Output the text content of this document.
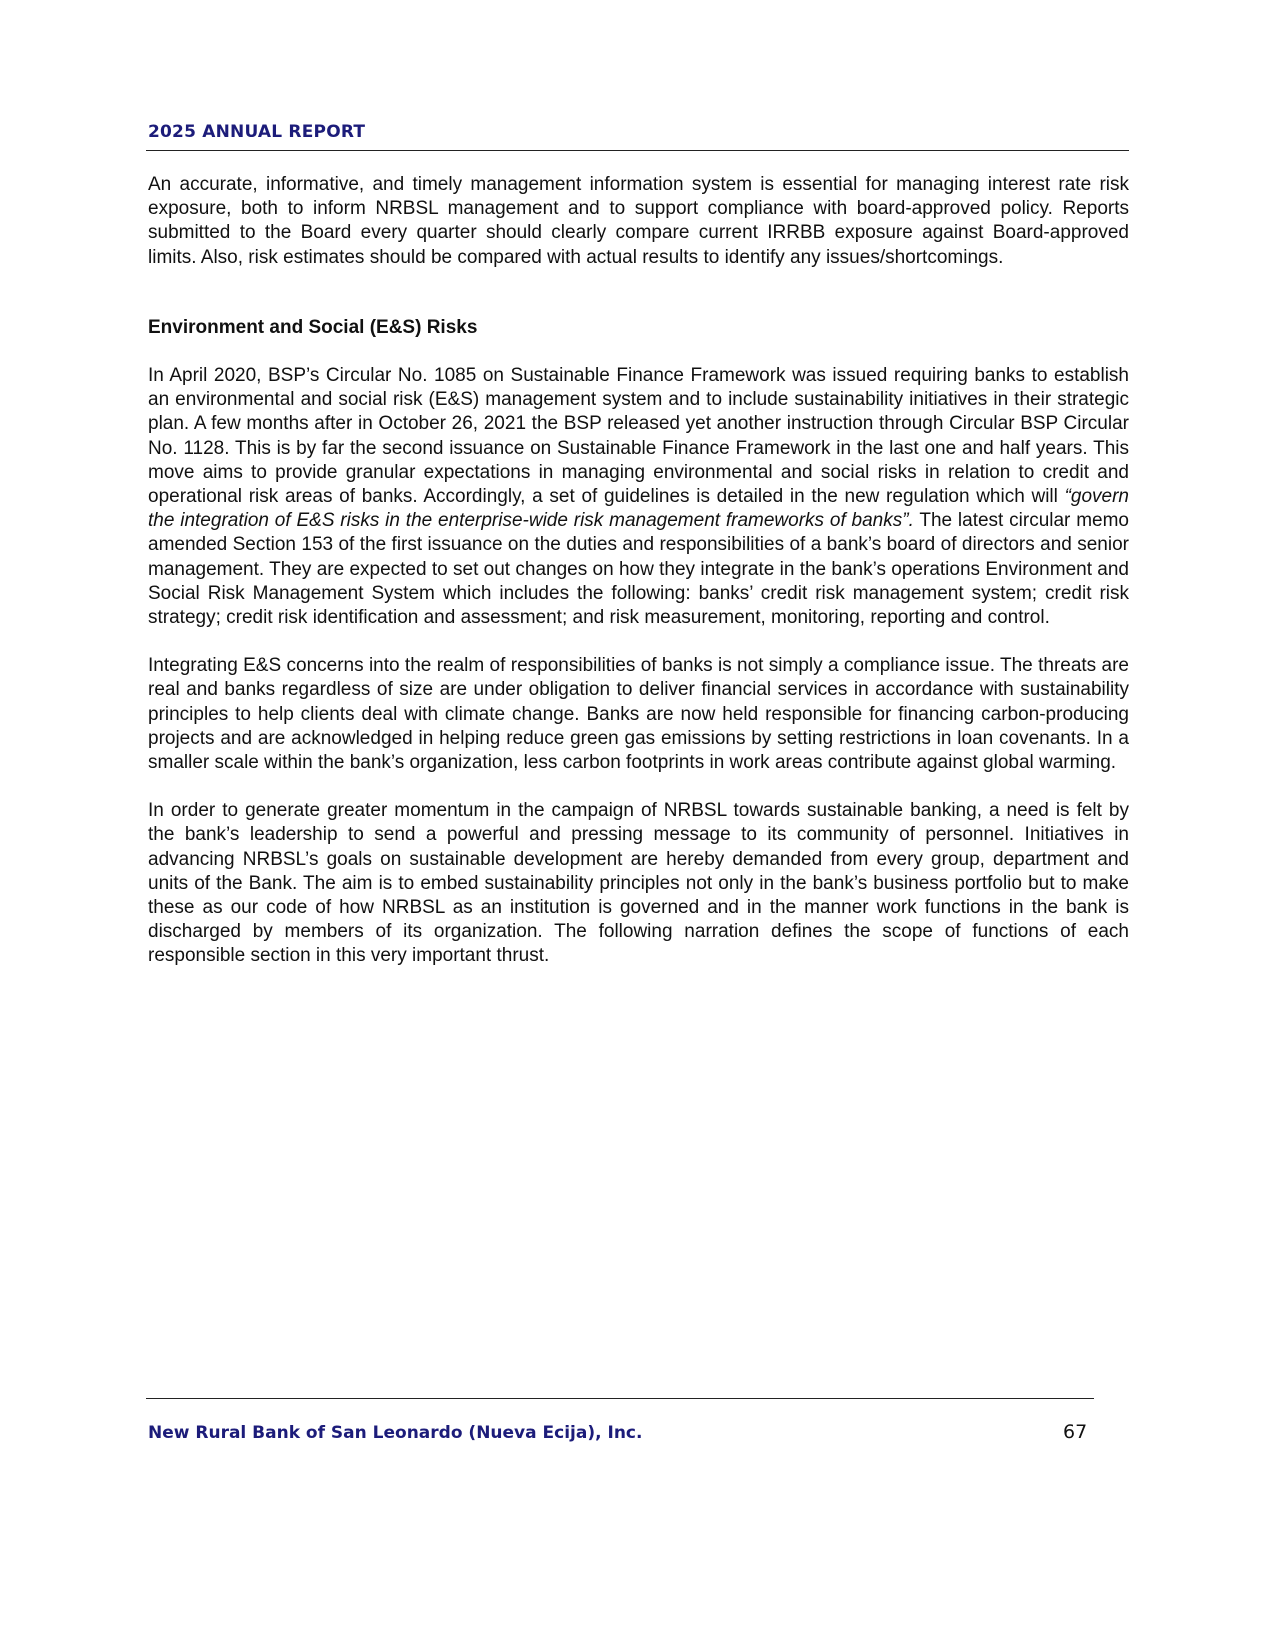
2025 ANNUAL REPORT

An accurate, informative, and timely management information system is essential for managing interest rate risk exposure, both to inform NRBSL management and to support compliance with board-approved policy. Reports submitted to the Board every quarter should clearly compare current IRRBB exposure against Board-approved limits. Also, risk estimates should be compared with actual results to identify any issues/shortcomings.

Environment and Social (E&S) Risks

In April 2020, BSP’s Circular No. 1085 on Sustainable Finance Framework was issued requiring banks to establish an environmental and social risk (E&S) management system and to include sustainability initiatives in their strategic plan. A few months after in October 26, 2021 the BSP released yet another instruction through Circular BSP Circular No. 1128. This is by far the second issuance on Sustainable Finance Framework in the last one and half years. This move aims to provide granular expectations in managing environmental and social risks in relation to credit and operational risk areas of banks. Accordingly, a set of guidelines is detailed in the new regulation which will “govern the integration of E&S risks in the enterprise-wide risk management frameworks of banks”. The latest circular memo amended Section 153 of the first issuance on the duties and responsibilities of a bank’s board of directors and senior management. They are expected to set out changes on how they integrate in the bank’s operations Environment and Social Risk Management System which includes the following: banks’ credit risk management system; credit risk strategy; credit risk identification and assessment; and risk measurement, monitoring, reporting and control.

Integrating E&S concerns into the realm of responsibilities of banks is not simply a compliance issue. The threats are real and banks regardless of size are under obligation to deliver financial services in accordance with sustainability principles to help clients deal with climate change. Banks are now held responsible for financing carbon-producing projects and are acknowledged in helping reduce green gas emissions by setting restrictions in loan covenants. In a smaller scale within the bank’s organization, less carbon footprints in work areas contribute against global warming.

In order to generate greater momentum in the campaign of NRBSL towards sustainable banking, a need is felt by the bank’s leadership to send a powerful and pressing message to its community of personnel. Initiatives in advancing NRBSL’s goals on sustainable development are hereby demanded from every group, department and units of the Bank. The aim is to embed sustainability principles not only in the bank’s business portfolio but to make these as our code of how NRBSL as an institution is governed and in the manner work functions in the bank is discharged by members of its organization. The following narration defines the scope of functions of each responsible section in this very important thrust.

New Rural Bank of San Leonardo (Nueva Ecija), Inc.	67
